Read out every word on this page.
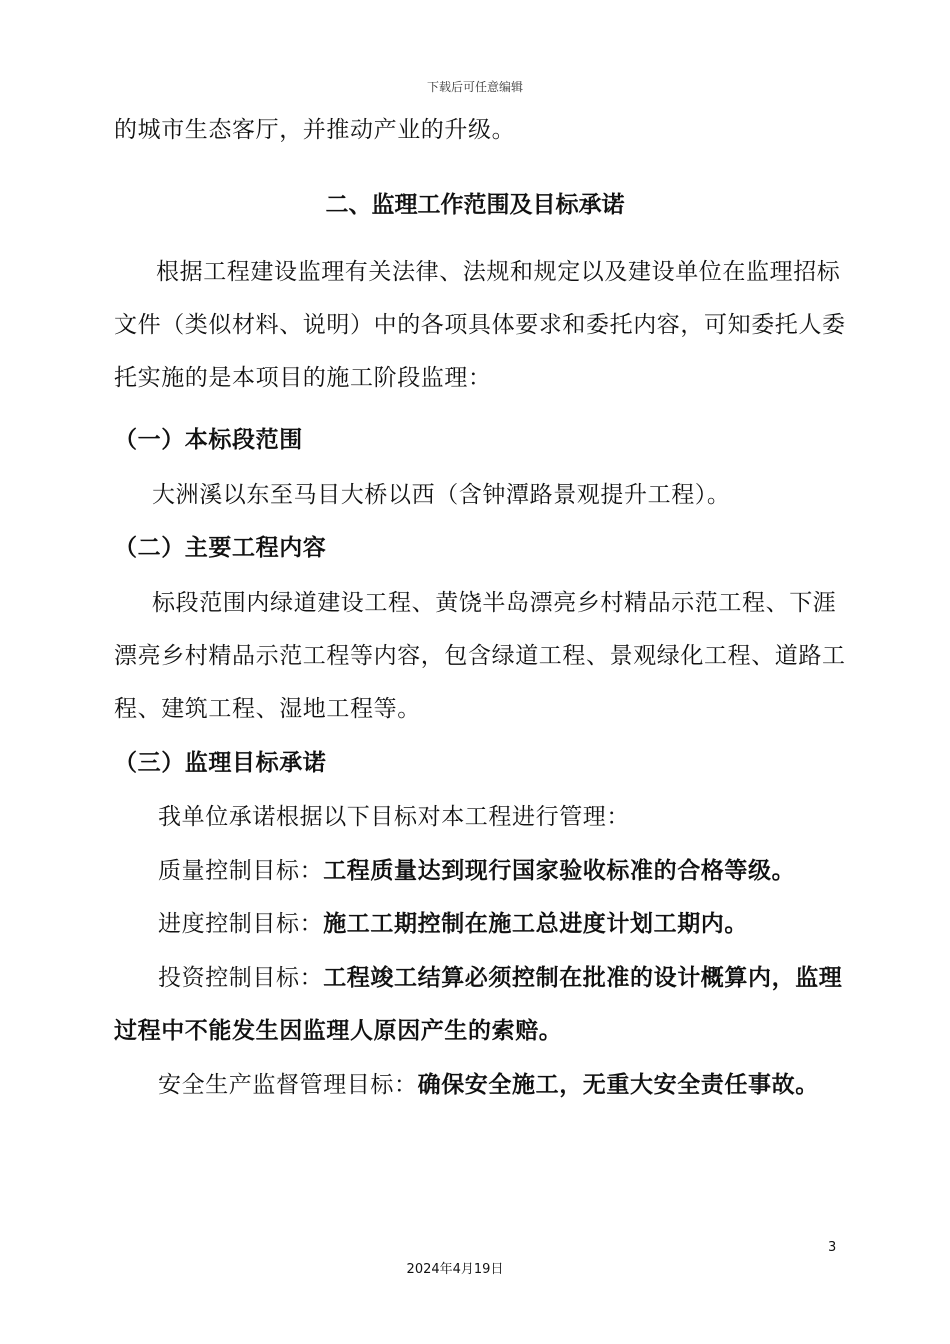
下载后可任意编辑
的城市生态客厅，并推动产业的升级。
二、监理工作范围及目标承诺
根据工程建设监理有关法律、法规和规定以及建设单位在监理招标
文件（类似材料、说明）中的各项具体要求和委托内容，可知委托人委
托实施的是本项目的施工阶段监理：
（一）本标段范围
大洲溪以东至马目大桥以西（含钟潭路景观提升工程）。
（二）主要工程内容
标段范围内绿道建设工程、黄饶半岛漂亮乡村精品示范工程、下涯
漂亮乡村精品示范工程等内容，包含绿道工程、景观绿化工程、道路工
程、建筑工程、湿地工程等。
（三）监理目标承诺
我单位承诺根据以下目标对本工程进行管理：
质量控制目标：工程质量达到现行国家验收标准的合格等级。
进度控制目标：施工工期控制在施工总进度计划工期内。
投资控制目标：工程竣工结算必须控制在批准的设计概算内，监理
过程中不能发生因监理人原因产生的索赔。
安全生产监督管理目标：确保安全施工，无重大安全责任事故。
3
2024年4月19日
